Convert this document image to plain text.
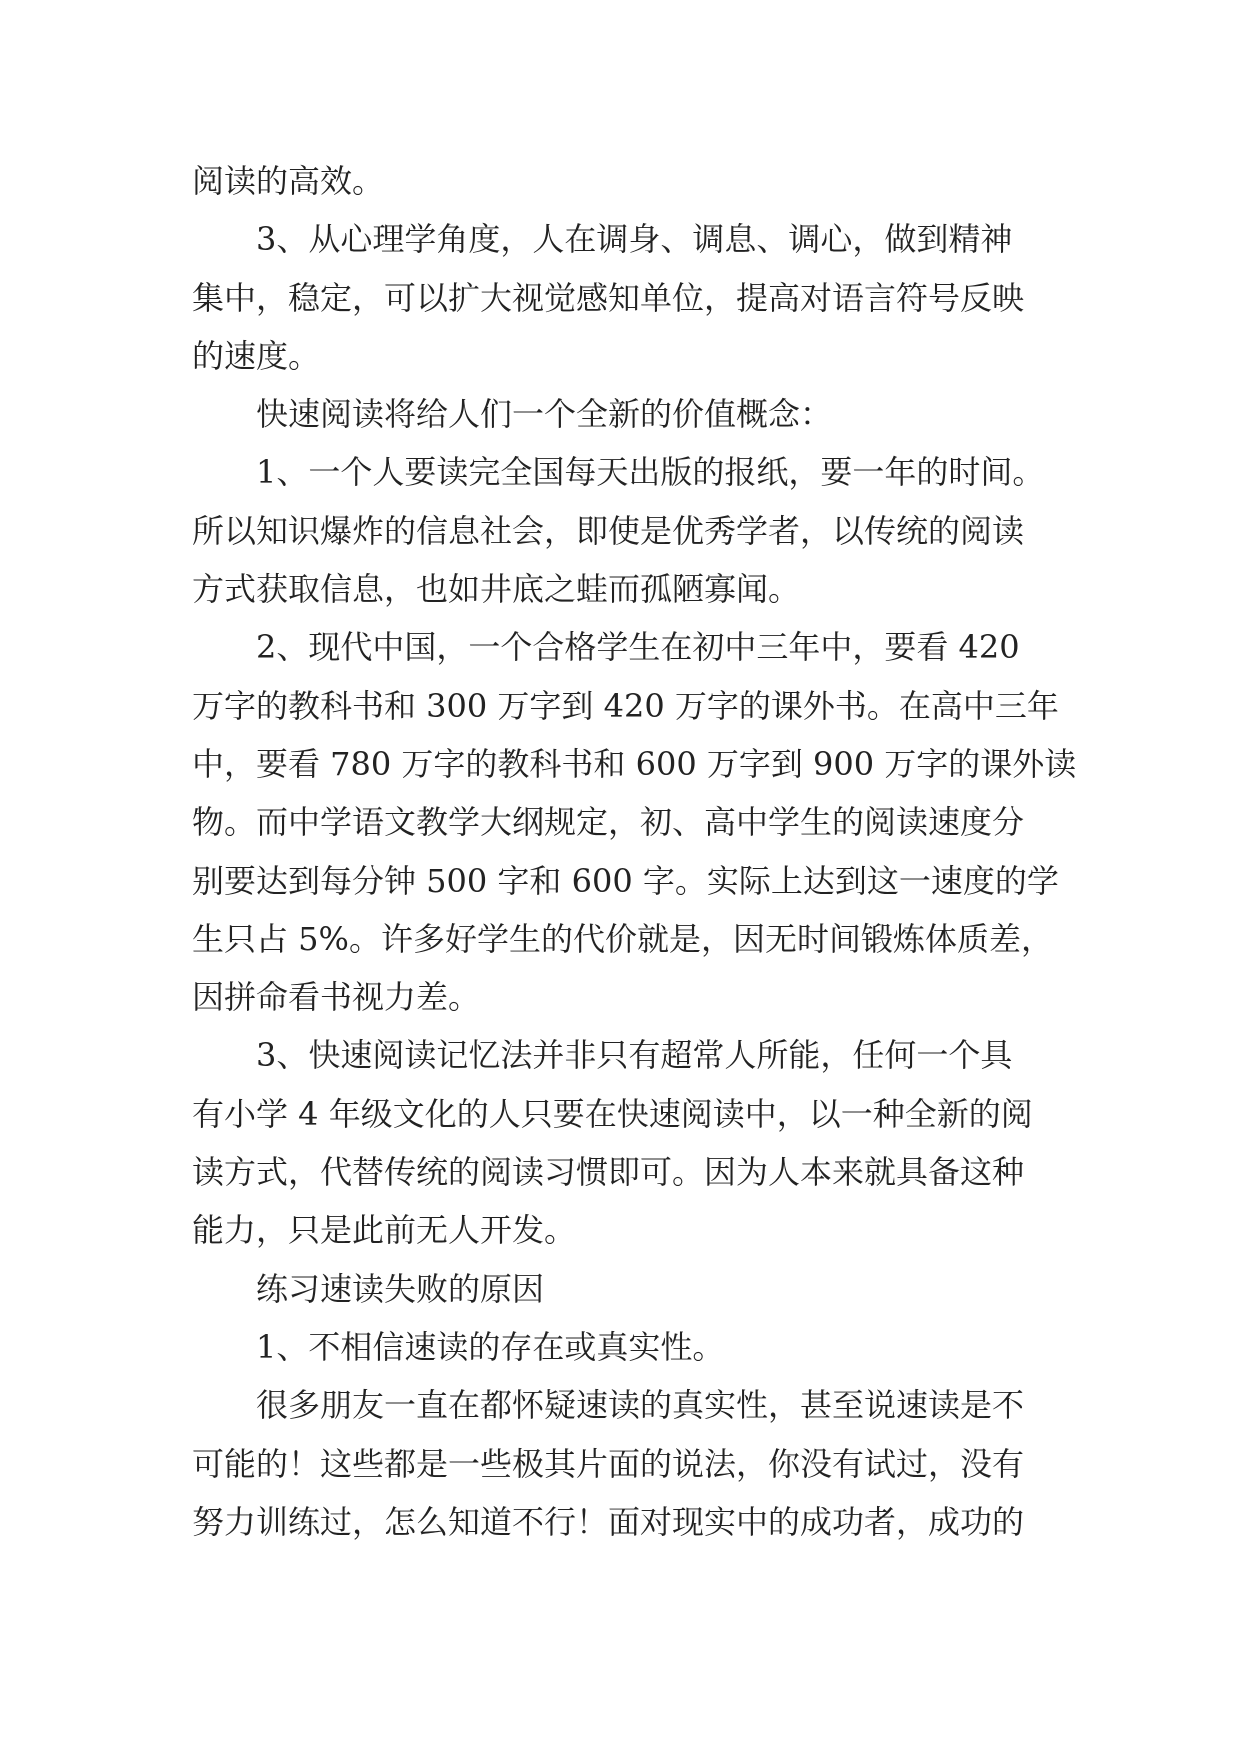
阅读的高效。
3、从心理学角度，人在调身、调息、调心，做到精神
集中，稳定，可以扩大视觉感知单位，提高对语言符号反映
的速度。
快速阅读将给人们一个全新的价值概念：
1、一个人要读完全国每天出版的报纸，要一年的时间。
所以知识爆炸的信息社会，即使是优秀学者，以传统的阅读
方式获取信息，也如井底之蛙而孤陋寡闻。
2、现代中国，一个合格学生在初中三年中，要看 420
万字的教科书和 300 万字到 420 万字的课外书。在高中三年
中，要看 780 万字的教科书和 600 万字到 900 万字的课外读
物。而中学语文教学大纲规定，初、高中学生的阅读速度分
别要达到每分钟 500 字和 600 字。实际上达到这一速度的学
生只占 5%。许多好学生的代价就是，因无时间锻炼体质差，
因拼命看书视力差。
3、快速阅读记忆法并非只有超常人所能，任何一个具
有小学 4 年级文化的人只要在快速阅读中，以一种全新的阅
读方式，代替传统的阅读习惯即可。因为人本来就具备这种
能力，只是此前无人开发。
练习速读失败的原因
1、不相信速读的存在或真实性。
很多朋友一直在都怀疑速读的真实性，甚至说速读是不
可能的！这些都是一些极其片面的说法，你没有试过，没有
努力训练过，怎么知道不行！面对现实中的成功者，成功的
